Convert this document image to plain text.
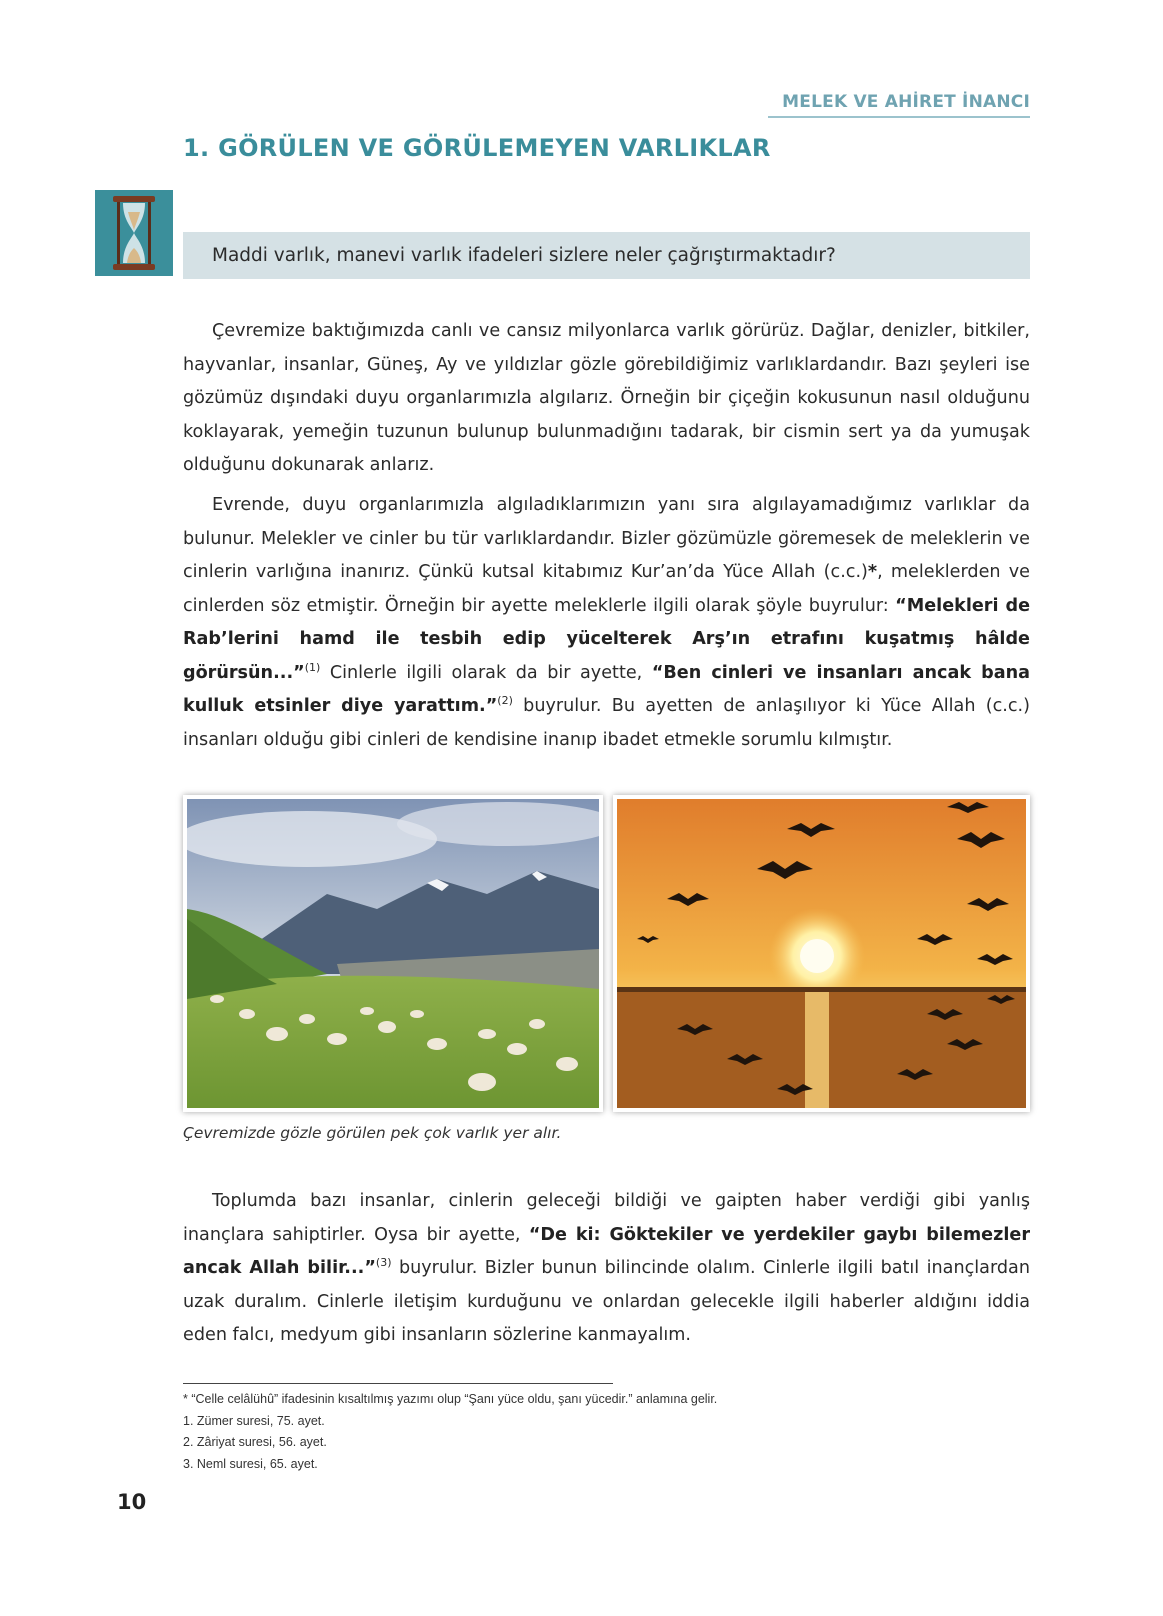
MELEK VE AHİRET İNANCI
1. GÖRÜLEN VE GÖRÜLEMEYEN VARLIKLAR
Maddi varlık, manevi varlık ifadeleri sizlere neler çağrıştırmaktadır?

Çevremize baktığımızda canlı ve cansız milyonlarca varlık görürüz. Dağlar, denizler, bitkiler, hayvanlar, insanlar, Güneş, Ay ve yıldızlar gözle görebildiğimiz varlıklardandır. Bazı şeyleri ise gözümüz dışındaki duyu organlarımızla algılarız. Örneğin bir çiçeğin kokusunun nasıl olduğunu koklayarak, yemeğin tuzunun bulunup bulunmadığını tadarak, bir cismin sert ya da yumuşak olduğunu dokunarak anlarız.

Evrende, duyu organlarımızla algıladıklarımızın yanı sıra algılayamadığımız varlıklar da bulunur. Melekler ve cinler bu tür varlıklardandır. Bizler gözümüzle göremesek de meleklerin ve cinlerin varlığına inanırız. Çünkü kutsal kitabımız Kur’an’da Yüce Allah (c.c.)*, meleklerden ve cinlerden söz etmiştir. Örneğin bir ayette meleklerle ilgili olarak şöyle buyrulur: “Melekleri de Rab’lerini hamd ile tesbih edip yücelterek Arş’ın etrafını kuşatmış hâlde görürsün...”$^{(1)}$ Cinlerle ilgili olarak da bir ayette, “Ben cinleri ve insanları ancak bana kulluk etsinler diye yarattım.”$^{(2)}$ buyrulur. Bu ayetten de anlaşılıyor ki Yüce Allah (c.c.) insanları olduğu gibi cinleri de kendisine inanıp ibadet etmekle sorumlu kılmıştır.

Çevremizde gözle görülen pek çok varlık yer alır.

Toplumda bazı insanlar, cinlerin geleceği bildiği ve gaipten haber verdiği gibi yanlış inançlara sahiptirler. Oysa bir ayette, “De ki: Göktekiler ve yerdekiler gaybı bilemezler ancak Allah bilir...”$^{(3)}$ buyrulur. Bizler bunun bilincinde olalım. Cinlerle ilgili batıl inançlardan uzak duralım. Cinlerle iletişim kurduğunu ve onlardan gelecekle ilgili haberler aldığını iddia eden falcı, medyum gibi insanların sözlerine kanmayalım.

* “Celle celâlühû” ifadesinin kısaltılmış yazımı olup “Şanı yüce oldu, şanı yücedir.” anlamına gelir.
1. Zümer suresi, 75. ayet.
2. Zâriyat suresi, 56. ayet.
3. Neml suresi, 65. ayet.
10
